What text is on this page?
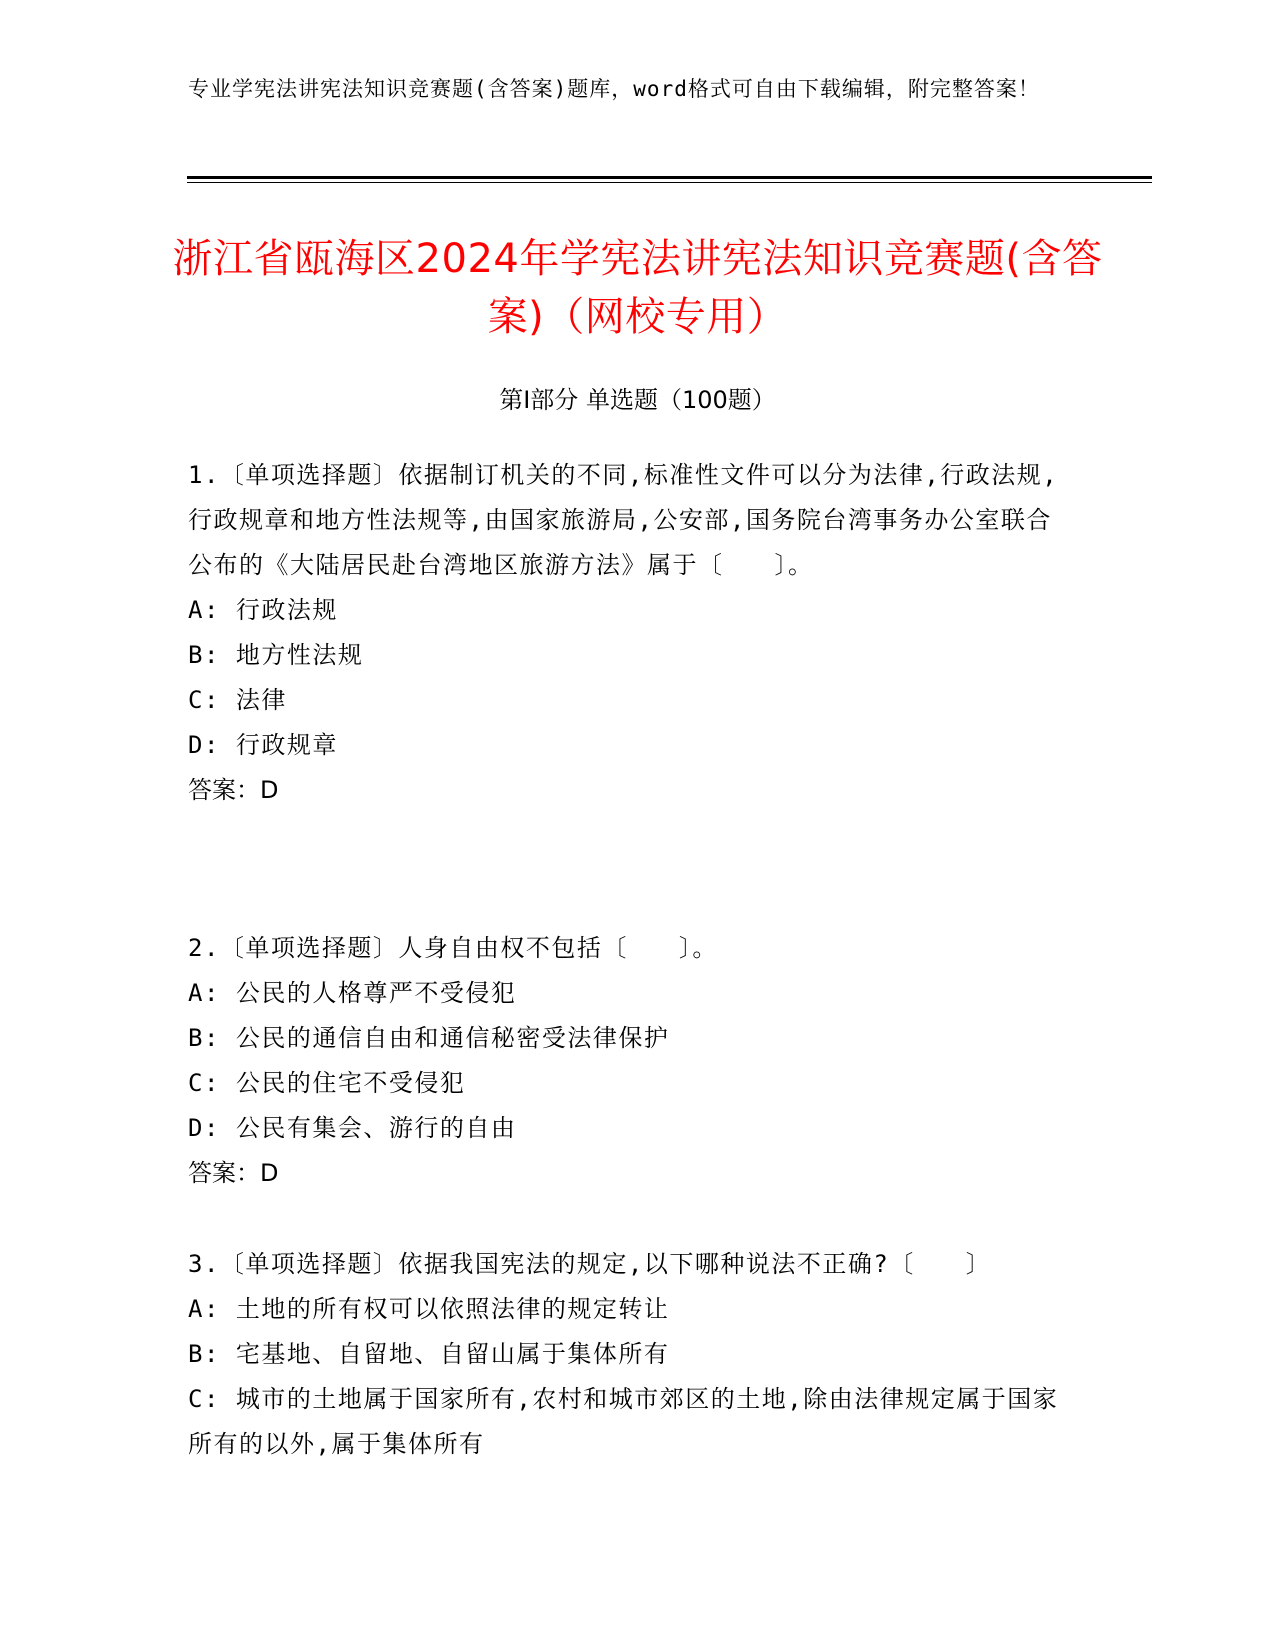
专业学宪法讲宪法知识竞赛题(含答案)题库，word格式可自由下载编辑，附完整答案！
浙江省瓯海区2024年学宪法讲宪法知识竞赛题(含答案)（网校专用）
第I部分 单选题（100题）
1.〔单项选择题〕依据制订机关的不同,标准性文件可以分为法律,行政法规,行政规章和地方性法规等,由国家旅游局,公安部,国务院台湾事务办公室联合公布的《大陆居民赴台湾地区旅游方法》属于〔　　〕。
A: 行政法规
B: 地方性法规
C: 法律
D: 行政规章
答案：D
2.〔单项选择题〕人身自由权不包括〔　　〕。
A: 公民的人格尊严不受侵犯
B: 公民的通信自由和通信秘密受法律保护
C: 公民的住宅不受侵犯
D: 公民有集会、游行的自由
答案：D
3.〔单项选择题〕依据我国宪法的规定,以下哪种说法不正确?〔　　〕
A: 土地的所有权可以依照法律的规定转让
B: 宅基地、自留地、自留山属于集体所有
C: 城市的土地属于国家所有,农村和城市郊区的土地,除由法律规定属于国家所有的以外,属于集体所有
